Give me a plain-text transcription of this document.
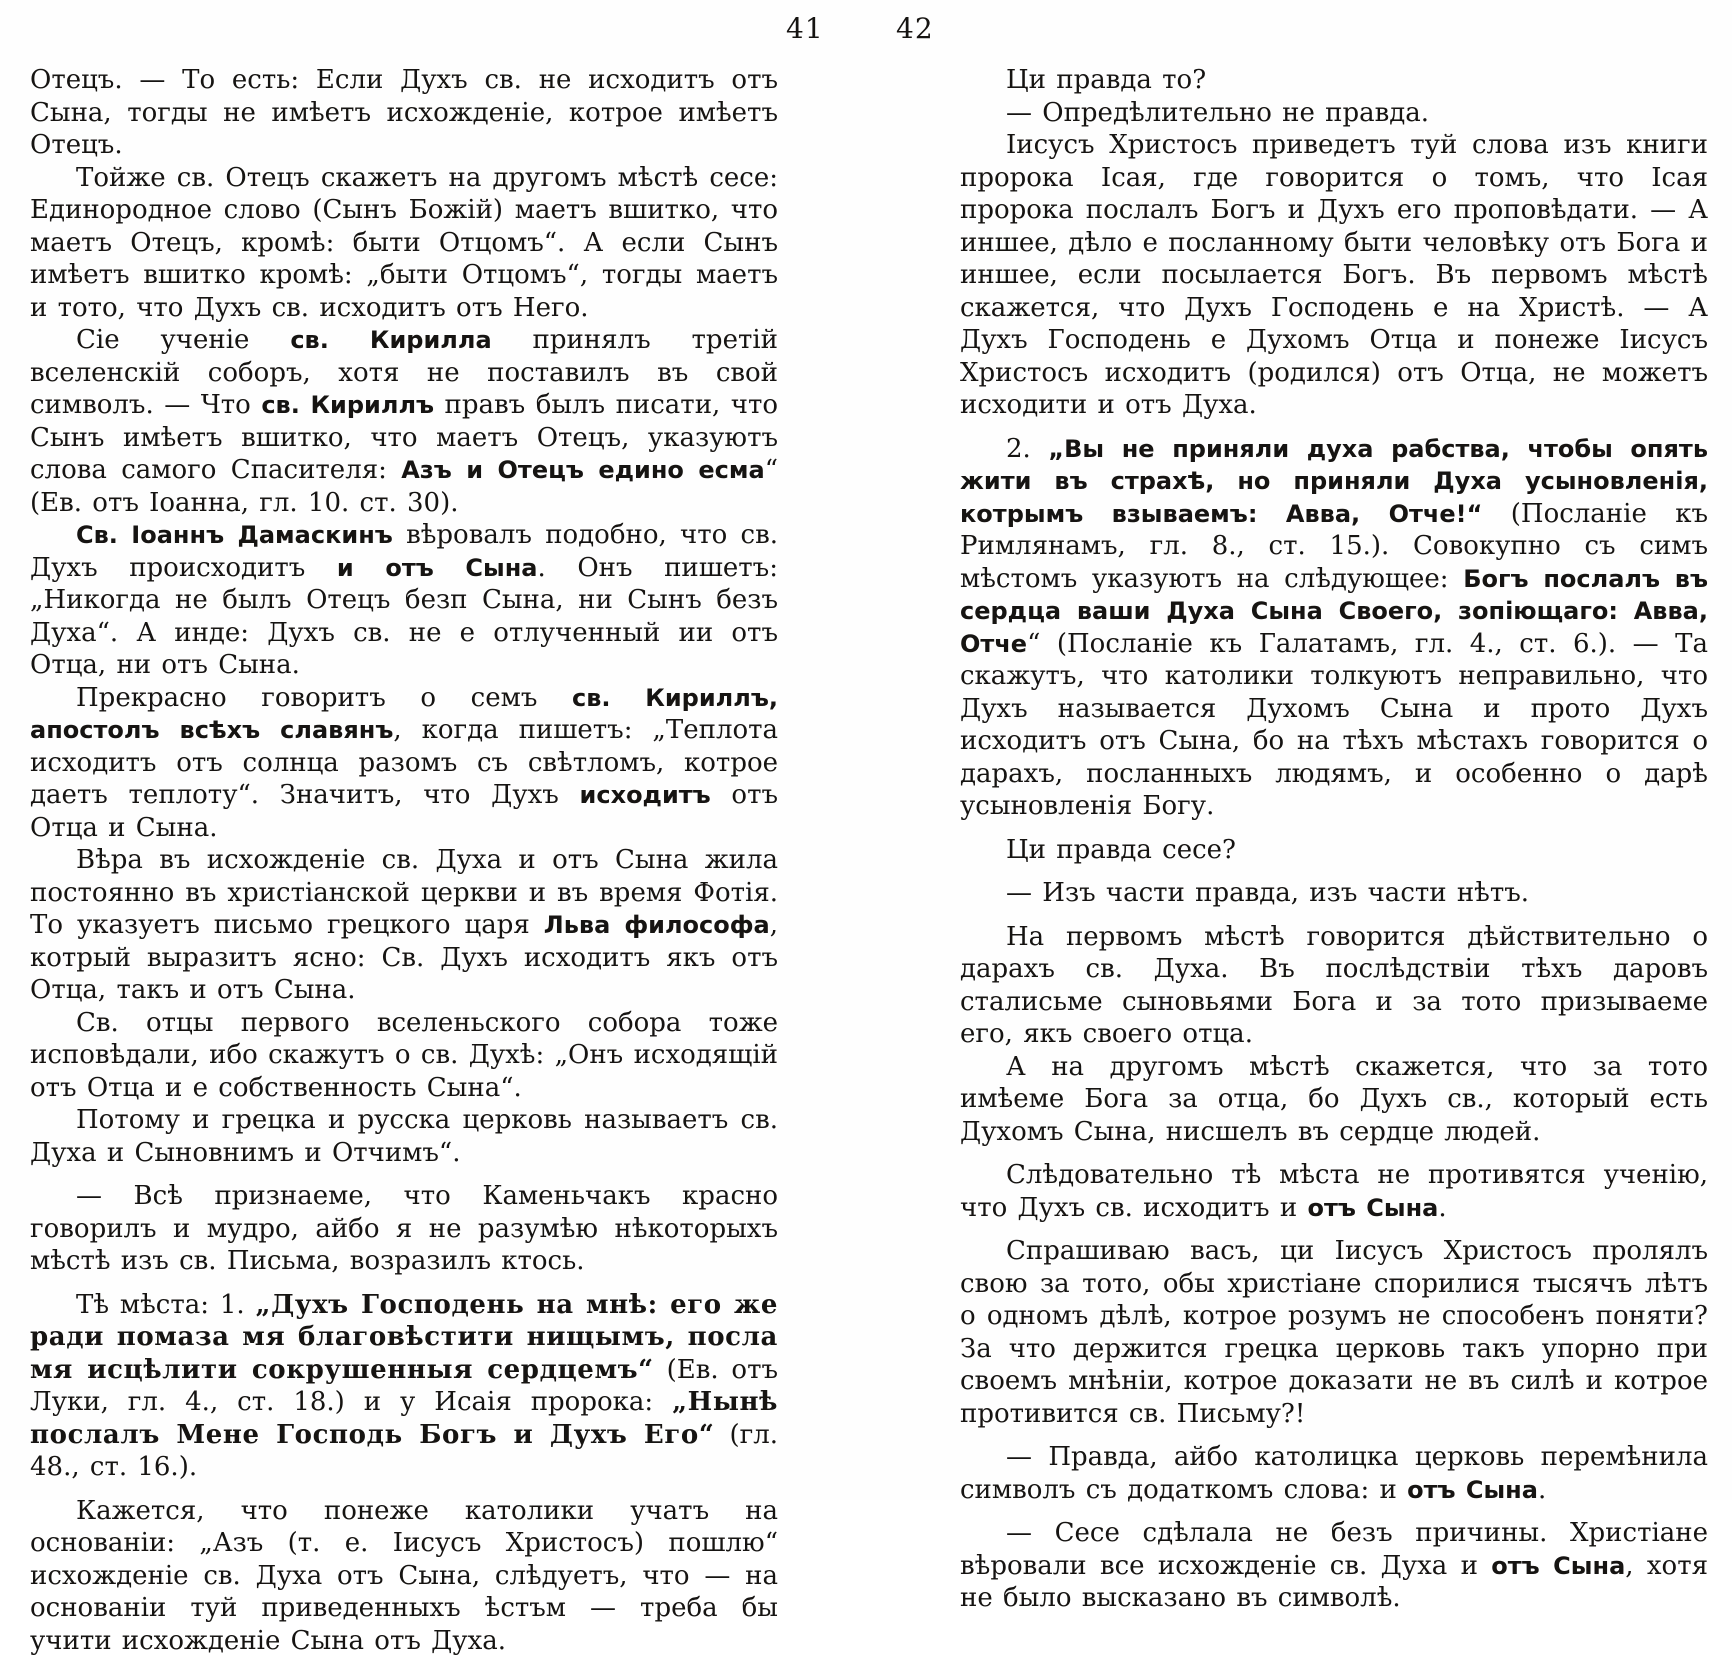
41	42

Отецъ. — То есть: Если Духъ св. не исходитъ отъ Сына, тогды не имѣетъ исхожденіе, котрое имѣетъ Отецъ.

Тойже св. Отецъ скажетъ на другомъ мѣстѣ сесе: Единородное слово (Сынъ Божій) маетъ вшитко, что маетъ Отецъ, кромѣ: быти Отцомъ“. А если Сынъ имѣетъ вшитко кромѣ: „быти Отцомъ“, тогды маетъ и тото, что Духъ св. исходитъ отъ Него.

Сіе ученіе св. Кирилла принялъ третій вселенскій соборъ, хотя не поставилъ въ свой символъ. — Что св. Кириллъ правъ былъ писати, что Сынъ имѣетъ вшитко, что маетъ Отецъ, указуютъ слова самого Спасителя: Азъ и Отецъ едино есма“ (Ев. отъ Іоанна, гл. 10. ст. 30).

Св. Іоаннъ Дамаскинъ вѣровалъ подобно, что св. Духъ происходитъ и отъ Сына. Онъ пишетъ: „Никогда не былъ Отецъ безп Сына, ни Сынъ безъ Духа“. А инде: Духъ св. не е отлученный ии отъ Отца, ни отъ Сына.

Прекрасно говоритъ о семъ св. Кириллъ, апостолъ всѣхъ славянъ, когда пишетъ: „Теплота исходитъ отъ солнца разомъ съ свѣтломъ, котрое даетъ теплоту“. Значитъ, что Духъ исходитъ отъ Отца и Сына.

Вѣра въ исхожденіе св. Духа и отъ Сына жила постоянно въ христіанской церкви и въ время Фотія. То указуетъ письмо грецкого царя Льва философа, котрый выразитъ ясно: Св. Духъ исходитъ якъ отъ Отца, такъ и отъ Сына.

Св. отцы первого вселеньского собора тоже исповѣдали, ибо скажутъ о св. Духѣ: „Онъ исходящій отъ Отца и е собственность Сына“.

Потому и грецка и русска церковь называетъ св. Духа и Сыновнимъ и Отчимъ“.

— Всѣ признаеме, что Каменьчакъ красно говорилъ и мудро, айбо я не разумѣю нѣкоторыхъ мѣстѣ изъ св. Письма, возразилъ ктось.

Тѣ мѣста: 1. „Духъ Господень на мнѣ: его же ради помаза мя благовѣстити нищымъ, посла мя исцѣлити сокрушенныя сердцемъ“ (Ев. отъ Луки, гл. 4., ст. 18.) и у Исаія пророка: „Нынѣ послалъ Мене Господь Богъ и Духъ Его“ (гл. 48., ст. 16.).

Кажется, что понеже католики учатъ на основаніи: „Азъ (т. е. Іисусъ Христосъ) пошлю“ исхожденіе св. Духа отъ Сына, слѣдуетъ, что — на основаніи туй приведенныхъ ѣстъм — треба бы учити исхожденіе Сына отъ Духа.

Ци правда то?

— Опредѣлительно не правда.

Іисусъ Христосъ приведетъ туй слова изъ книги пророка Ісая, где говорится о томъ, что Ісая пророка послалъ Богъ и Духъ его проповѣдати. — А иншее, дѣло е посланному быти человѣку отъ Бога и иншее, если посылается Богъ. Въ первомъ мѣстѣ скажется, что Духъ Господень е на Христѣ. — А Духъ Господень е Духомъ Отца и понеже Іисусъ Христосъ исходитъ (родился) отъ Отца, не можетъ исходити и отъ Духа.

2. „Вы не приняли духа рабства, чтобы опять жити въ страхѣ, но приняли Духа усыновленія, котрымъ взываемъ: Авва, Отче!“ (Посланіе къ Римлянамъ, гл. 8., ст. 15.). Совокупно съ симъ мѣстомъ указуютъ на слѣдующее: Богъ послалъ въ сердца ваши Духа Сына Своего, зопіющаго: Авва, Отче“ (Посланіе къ Галатамъ, гл. 4., ст. 6.). — Та скажутъ, что католики толкуютъ неправильно, что Духъ называется Духомъ Сына и прото Духъ исходитъ отъ Сына, бо на тѣхъ мѣстахъ говорится о дарахъ, посланныхъ людямъ, и особенно о дарѣ усыновленія Богу.

Ци правда сесе?

— Изъ части правда, изъ части нѣтъ.

На первомъ мѣстѣ говорится дѣйствительно о дарахъ св. Духа. Въ послѣдствіи тѣхъ даровъ сталисьме сыновьями Бога и за тото призываеме его, якъ своего отца.

А на другомъ мѣстѣ скажется, что за тото имѣеме Бога за отца, бо Духъ св., который есть Духомъ Сына, нисшелъ въ сердце людей.

Слѣдовательно тѣ мѣста не противятся ученію, что Духъ св. исходитъ и отъ Сына.

Спрашиваю васъ, ци Іисусъ Христосъ пролялъ свою за тото, обы христіане спорилися тысячъ лѣтъ о одномъ дѣлѣ, котрое розумъ не способенъ поняти? За что держится грецка церковь такъ упорно при своемъ мнѣніи, котрое доказати не въ силѣ и котрое противится св. Письму?!

— Правда, айбо католицка церковь перемѣнила символъ съ додаткомъ слова: и отъ Сына.

— Сесе сдѣлала не безъ причины. Христіане вѣровали все исхожденіе св. Духа и отъ Сына, хотя не было высказано въ символѣ.
